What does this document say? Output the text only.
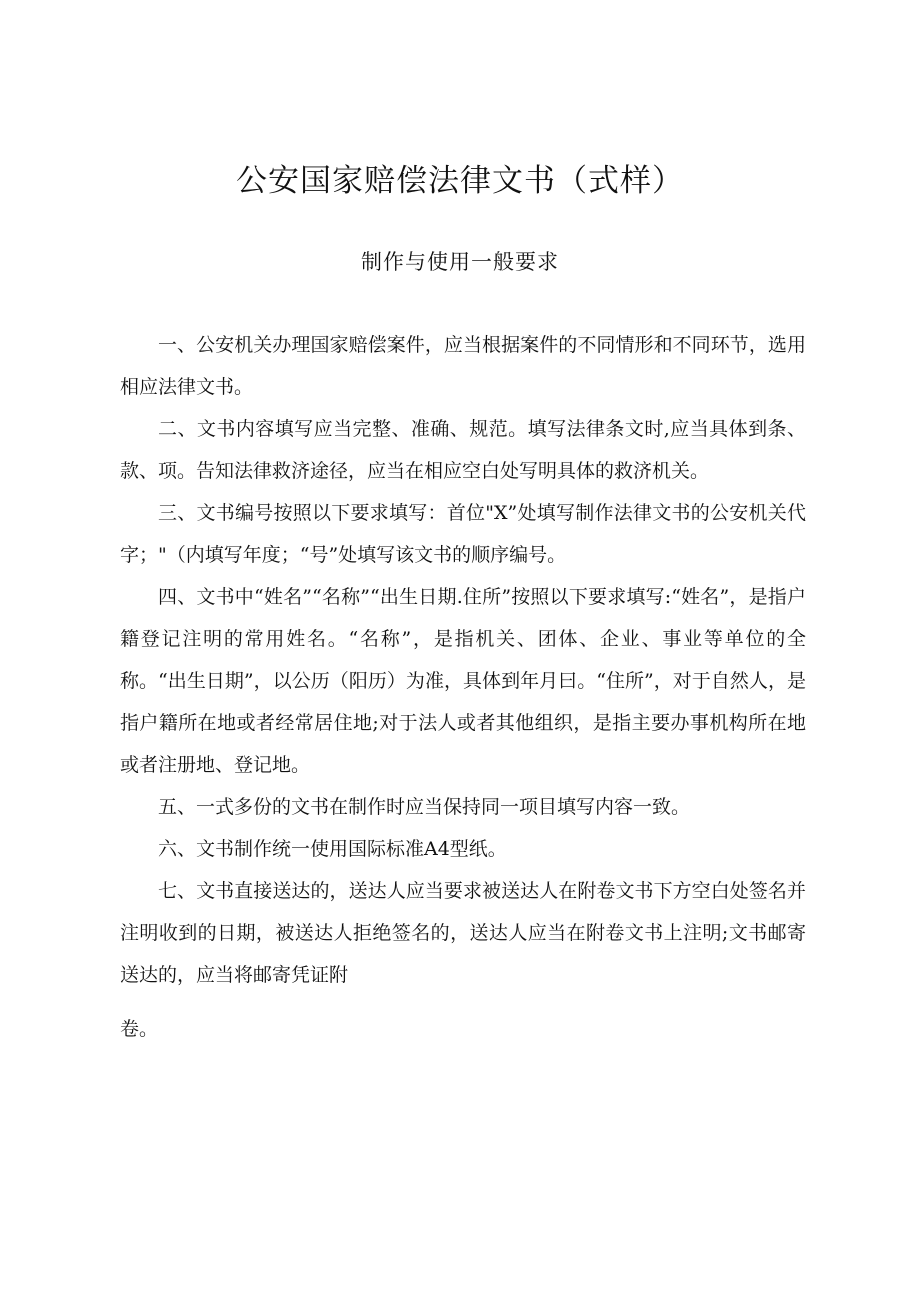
公安国家赔偿法律文书（式样）
制作与使用一般要求

一、公安机关办理国家赔偿案件，应当根据案件的不同情形和不同环节，选用相应法律文书。

二、文书内容填写应当完整、准确、规范。填写法律条文时,应当具体到条、款、项。告知法律救济途径，应当在相应空白处写明具体的救济机关。

三、文书编号按照以下要求填写：首位"X”处填写制作法律文书的公安机关代字；"（内填写年度；“号”处填写该文书的顺序编号。

四、文书中“姓名”“名称”“出生日期.住所”按照以下要求填写:“姓名”，是指户籍登记注明的常用姓名。“名称”，是指机关、团体、企业、事业等单位的全称。“出生日期”，以公历（阳历）为准，具体到年月曰。“住所”，对于自然人，是指户籍所在地或者经常居住地;对于法人或者其他组织，是指主要办事机构所在地或者注册地、登记地。

五、一式多份的文书在制作时应当保持同一项目填写内容一致。

六、文书制作统一使用国际标准A4型纸。

七、文书直接送达的，送达人应当要求被送达人在附卷文书下方空白处签名并注明收到的日期，被送达人拒绝签名的，送达人应当在附卷文书上注明;文书邮寄送达的，应当将邮寄凭证附

卷。
